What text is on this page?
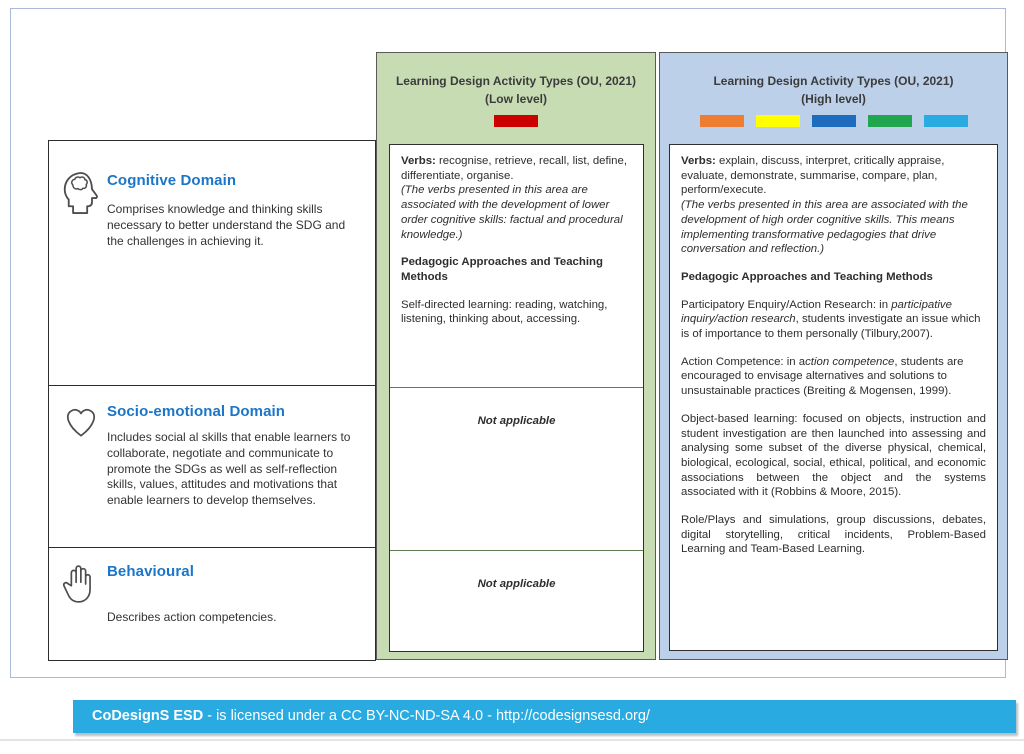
Cognitive Domain

Comprises knowledge and thinking skills necessary to better understand the SDG and the challenges in achieving it.

Socio-emotional Domain

Includes social al skills that enable learners to collaborate, negotiate and communicate to promote the SDGs as well as self-reflection skills, values, attitudes and motivations that enable learners to develop themselves.

Behavioural

Describes action competencies.

Learning Design Activity Types (OU, 2021)
(Low level)

Verbs: recognise, retrieve, recall, list, define, differentiate, organise.

(The verbs presented in this area are associated with the development of lower order cognitive skills: factual and procedural knowledge.)

Pedagogic Approaches and Teaching Methods

Self-directed learning: reading, watching, listening, thinking about, accessing.

Not applicable

Not applicable

Learning Design Activity Types (OU, 2021)
(High level)

Verbs: explain, discuss, interpret, critically appraise, evaluate, demonstrate, summarise, compare, plan, perform/execute.

(The verbs presented in this area are associated with the development of high order cognitive skills. This means implementing transformative pedagogies that drive conversation and reflection.)

Pedagogic Approaches and Teaching Methods

Participatory Enquiry/Action Research: in participative inquiry/action research, students investigate an issue which is of importance to them personally (Tilbury,2007).

Action Competence: in action competence, students are encouraged to envisage alternatives and solutions to unsustainable practices (Breiting & Mogensen, 1999).

Object-based learning: focused on objects, instruction and student investigation are then launched into assessing and analysing some subset of the diverse physical, chemical, biological, ecological, social, ethical, political, and economic associations between the object and the systems associated with it (Robbins & Moore, 2015).

Role/Plays and simulations, group discussions, debates, digital storytelling, critical incidents, Problem-Based Learning and Team-Based Learning.

CoDesignS ESD - is licensed under a CC BY-NC-ND-SA 4.0 - http://codesignsesd.org/
